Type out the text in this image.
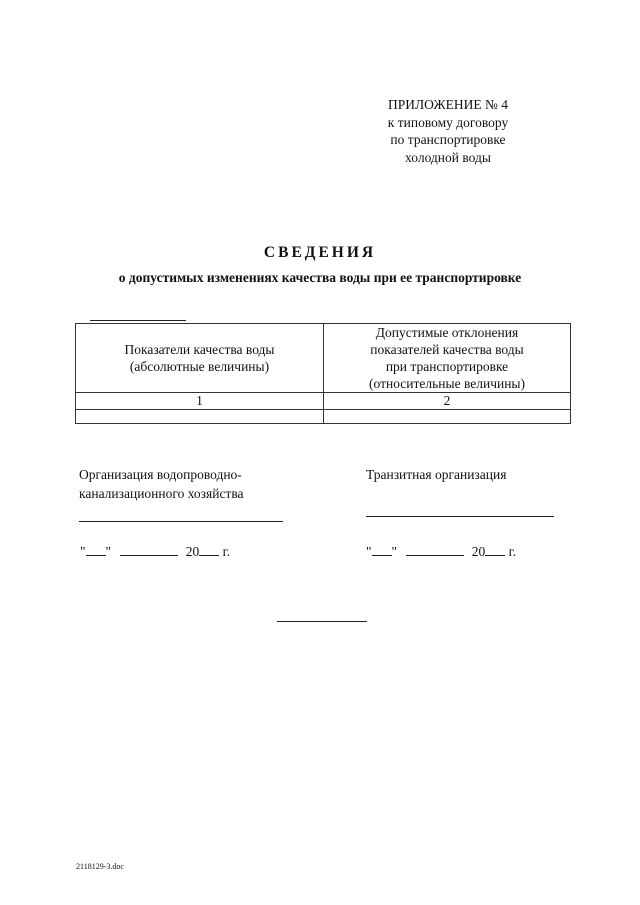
ПРИЛОЖЕНИЕ № 4
к типовому договору
по транспортировке
холодной воды
СВЕДЕНИЯ
о допустимых изменениях качества воды при ее транспортировке
Показатели качества воды
(абсолютные величины)	Допустимые отклонения
показателей качества воды
при транспортировке
(относительные величины)

1	2

Организация водопроводно-
канализационного хозяйства
" "	20 г.
Транзитная организация
" "	20 г.
2118129-3.doc
